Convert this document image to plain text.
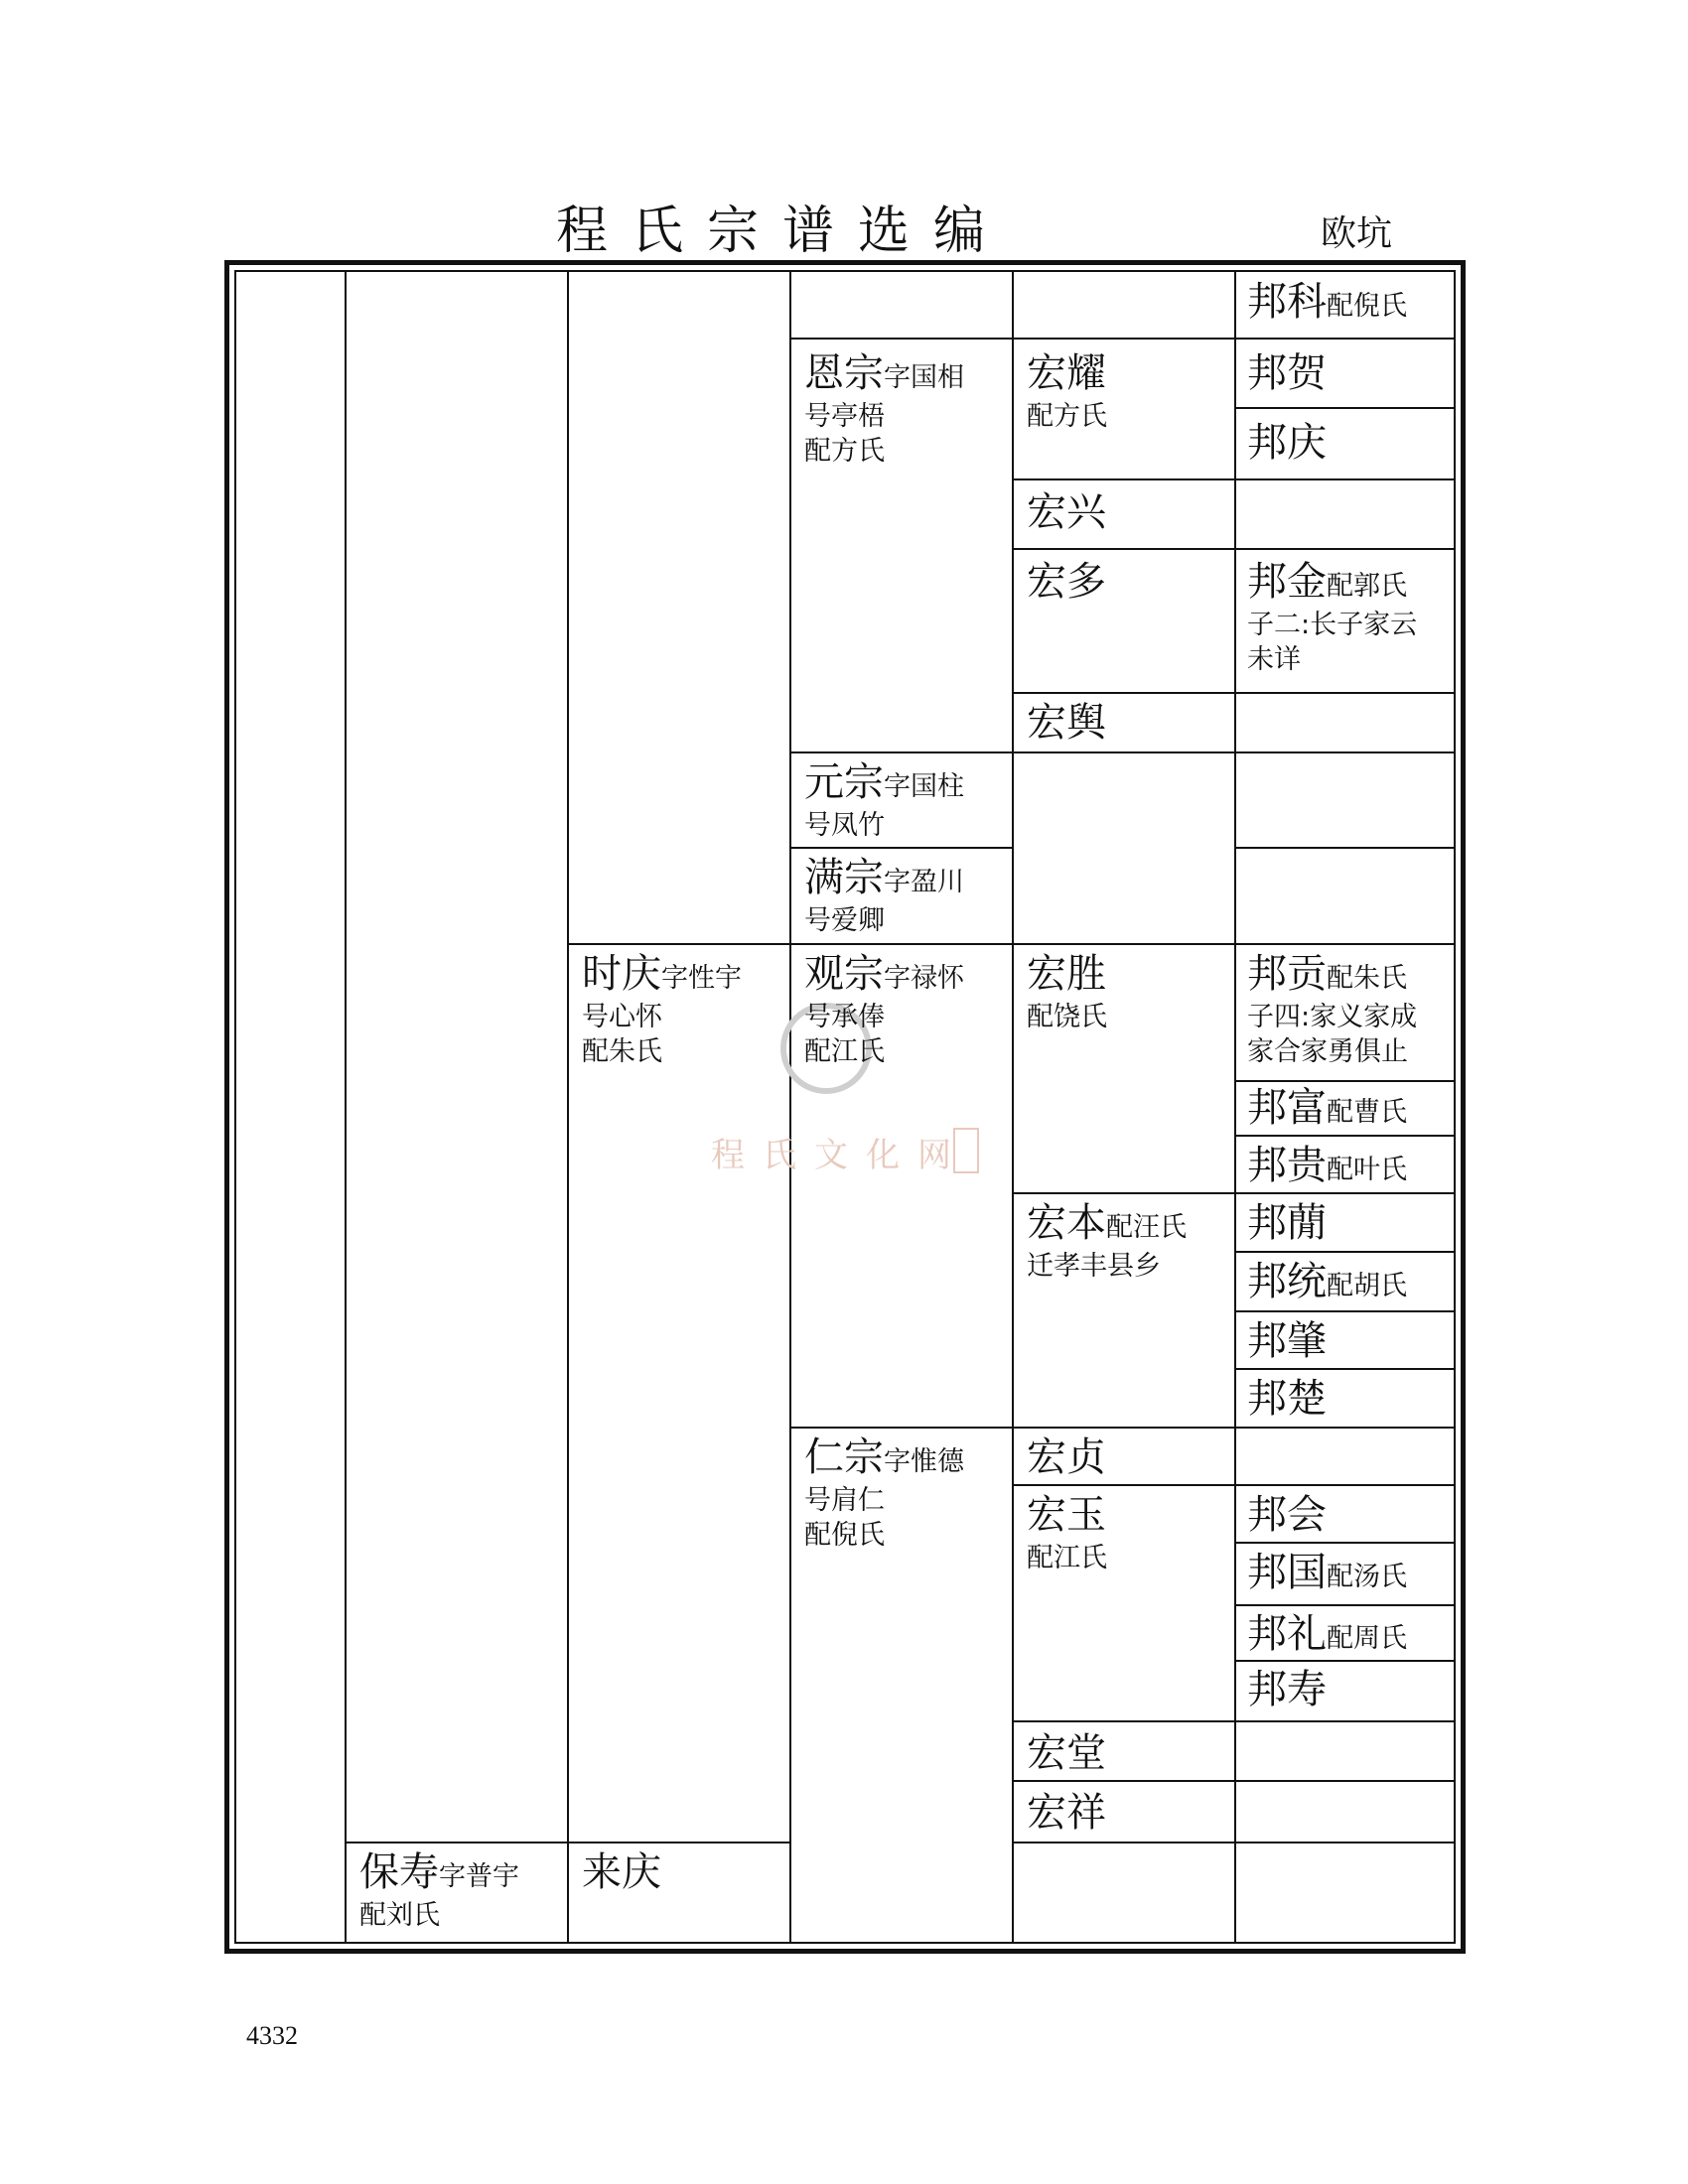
程氏宗谱选编	欧坑
程氏文化网
保寿字普宇
配刘氏
时庆字性宇
号心怀
配朱氏
来庆
恩宗字国相
号亭梧
配方氏
元宗字国柱
号凤竹
满宗字盈川
号爱卿
观宗字禄怀
号承俸
配江氏
仁宗字惟德
号肩仁
配倪氏
宏耀
配方氏
宏兴
宏多
宏舆
宏胜
配饶氏
宏本配汪氏
迁孝丰县乡
宏贞
宏玉
配江氏
宏堂
宏祥
邦科配倪氏
邦贺
邦庆
邦金配郭氏
子二:长子家云
未详
邦贡配朱氏
子四:家义家成
家合家勇俱止
邦富配曹氏
邦贵配叶氏
邦蕑
邦统配胡氏
邦肇
邦楚
邦会
邦国配汤氏
邦礼配周氏
邦寿
4332
